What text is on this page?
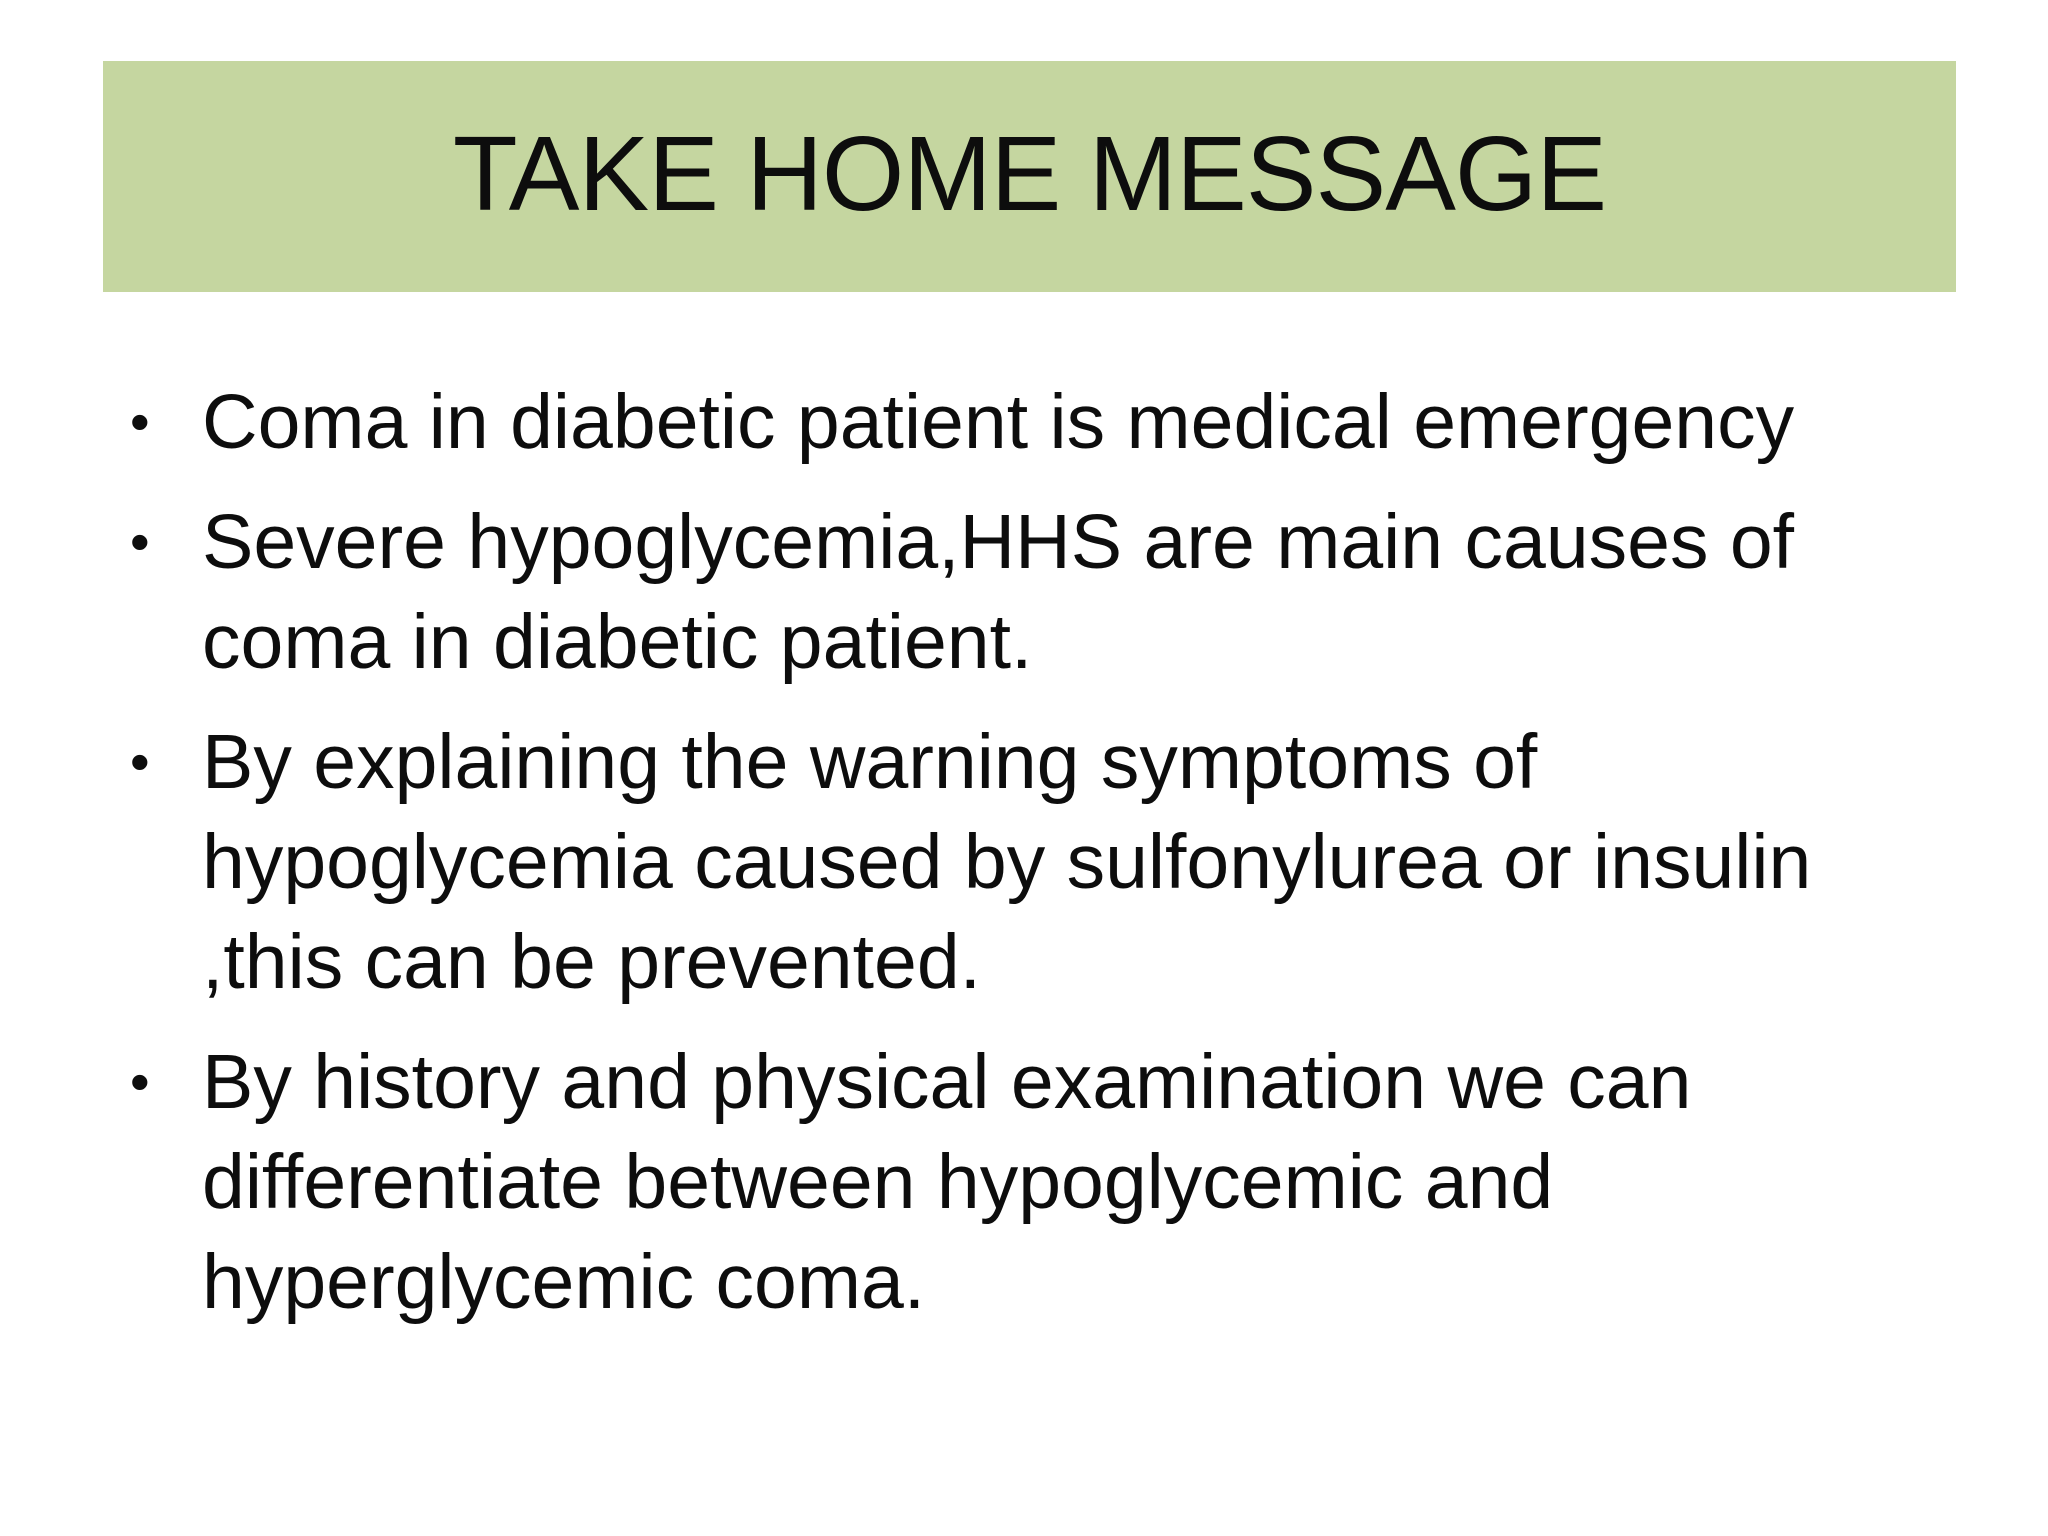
TAKE HOME MESSAGE
• Coma in diabetic patient is medical emergency
• Severe hypoglycemia,HHS are main causes of coma in diabetic patient.
• By explaining the warning symptoms of hypoglycemia caused by sulfonylurea or insulin ,this can be prevented.
• By history and physical examination we can differentiate between hypoglycemic and hyperglycemic coma.
